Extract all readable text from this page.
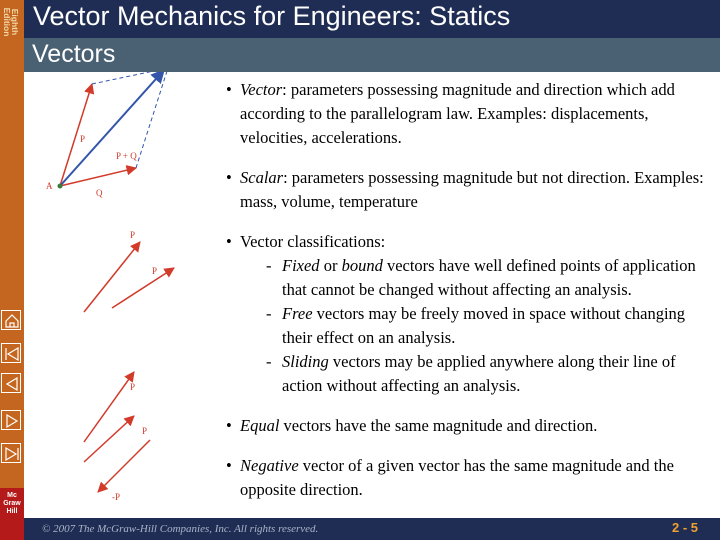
Eighth
Edition
Mc
Graw
Hill
Vector Mechanics for Engineers: Statics
Vectors
P
Q
P + Q
A
P
P
P
P
-P
• Vector: parameters possessing magnitude and direction which add according to the parallelogram law. Examples: displacements, velocities, accelerations.
• Scalar: parameters possessing magnitude but not direction. Examples: mass, volume, temperature
• Vector classifications:
- Fixed or bound vectors have well defined points of application that cannot be changed without affecting an analysis.
- Free vectors may be freely moved in space without changing their effect on an analysis.
- Sliding vectors may be applied anywhere along their line of action without affecting an analysis.
• Equal vectors have the same magnitude and direction.
• Negative vector of a given vector has the same magnitude and the opposite direction.
© 2007 The McGraw-Hill Companies, Inc. All rights reserved.	2 - 5
